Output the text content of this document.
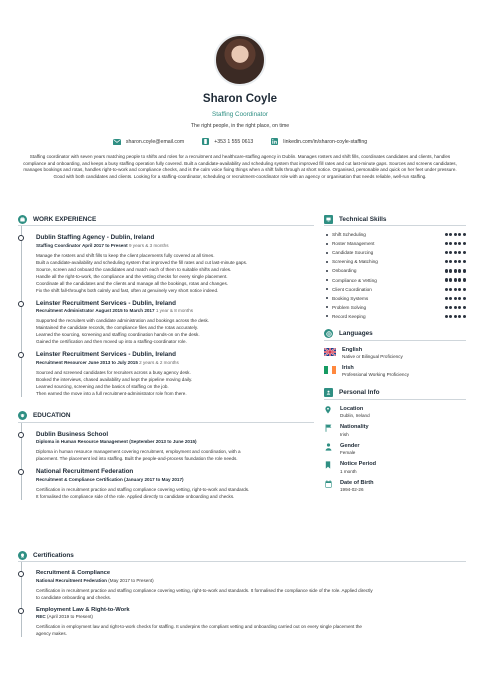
Sharon Coyle
Staffing Coordinator
The right people, in the right place, on time
sharon.coyle@email.com	+353 1 555 0613	linkedin.com/in/sharon-coyle-staffing
Staffing coordinator with seven years matching people to shifts and roles for a recruitment and healthcare-staffing agency in Dublin. Manages rosters and shift fills, coordinates candidates and clients, handles compliance and onboarding, and keeps a busy staffing operation fully covered. Built a candidate-availability and scheduling system that improved fill rates and cut last-minute gaps. Sources and screens candidates, manages bookings and rotas, handles right-to-work and compliance checks, and is the calm voice fixing things when a shift falls through at short notice. Organised, personable and quick on her feet under pressure. Good with both candidates and clients. Looking for a staffing-coordinator, scheduling or recruitment-coordinator role with an agency or organisation that needs reliable, well-run staffing.
WORK EXPERIENCE
Dublin Staffing Agency - Dublin, Ireland
Staffing Coordinator April 2017 to Present 9 years & 3 months
Manage the rosters and shift fills to keep the client placements fully covered at all times.
Built a candidate-availability and scheduling system that improved the fill rates and cut last-minute gaps.
Source, screen and onboard the candidates and match each of them to suitable shifts and roles.
Handle all the right-to-work, the compliance and the vetting checks for every single placement.
Coordinate all the candidates and the clients and manage all the bookings, rotas and changes.
Fix the shift fall-throughs both calmly and fast, often at genuinely very short notice indeed.
Leinster Recruitment Services - Dublin, Ireland
Recruitment Administrator August 2015 to March 2017 1 year & 8 months
Supported the recruiters with candidate administration and bookings across the desk.
Maintained the candidate records, the compliance files and the rotas accurately.
Learned the sourcing, screening and staffing coordination hands-on on the desk.
Gained the certification and then moved up into a staffing-coordinator role.
Leinster Recruitment Services - Dublin, Ireland
Recruitment Resourcer June 2013 to July 2015 2 years & 2 months
Sourced and screened candidates for recruiters across a busy agency desk.
Booked the interviews, chased availability and kept the pipeline moving daily.
Learned sourcing, screening and the basics of staffing on the job.
Then earned the move into a full recruitment-administrator role from there.
EDUCATION
Dublin Business School
Diploma in Human Resource Management (September 2013 to June 2015)
Diploma in human resource management covering recruitment, employment and coordination, with a
placement. The placement led into staffing. Built the people-and-process foundation the role needs.
National Recruitment Federation
Recruitment & Compliance Certification (January 2017 to May 2017)
Certification in recruitment practice and staffing compliance covering vetting, right-to-work and standards.
It formalised the compliance side of the role. Applied directly to candidate onboarding and checks.
Certifications
Recruitment & Compliance
National Recruitment Federation (May 2017 to Present)
Certification in recruitment practice and staffing compliance covering vetting, right-to-work and standards. It formalised the compliance side of the role. Applied directly
to candidate onboarding and checks.
Employment Law & Right-to-Work
REC (April 2019 to Present)
Certification in employment law and right-to-work checks for staffing. It underpins the compliant vetting and onboarding carried out on every single placement the
agency makes.
Technical Skills
Shift Scheduling
Roster Management
Candidate Sourcing
Screening & Matching
Onboarding
Compliance & Vetting
Client Coordination
Booking Systems
Problem Solving
Record Keeping
Languages
English
Native or Bilingual Proficiency
Irish
Professional Working Proficiency
Personal Info
Location
Dublin, Ireland
Nationality
Irish
Gender
Female
Notice Period
1 month
Date of Birth
1994-02-26
